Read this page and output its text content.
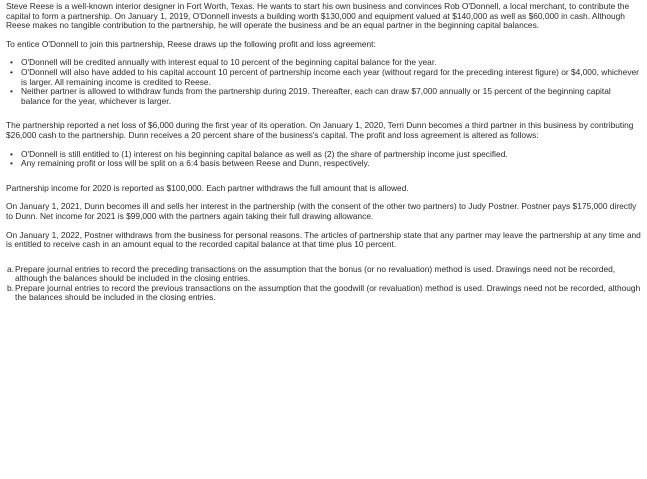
Steve Reese is a well-known interior designer in Fort Worth, Texas. He wants to start his own business and convinces Rob O'Donnell, a local merchant, to contribute the capital to form a partnership. On January 1, 2019, O'Donnell invests a building worth $130,000 and equipment valued at $140,000 as well as $60,000 in cash. Although Reese makes no tangible contribution to the partnership, he will operate the business and be an equal partner in the beginning capital balances.

To entice O'Donnell to join this partnership, Reese draws up the following profit and loss agreement:

• O'Donnell will be credited annually with interest equal to 10 percent of the beginning capital balance for the year.
• O'Donnell will also have added to his capital account 10 percent of partnership income each year (without regard for the preceding interest figure) or $4,000, whichever is larger. All remaining income is credited to Reese.
• Neither partner is allowed to withdraw funds from the partnership during 2019. Thereafter, each can draw $7,000 annually or 15 percent of the beginning capital balance for the year, whichever is larger.

The partnership reported a net loss of $6,000 during the first year of its operation. On January 1, 2020, Terri Dunn becomes a third partner in this business by contributing $26,000 cash to the partnership. Dunn receives a 20 percent share of the business's capital. The profit and loss agreement is altered as follows:

• O'Donnell is still entitled to (1) interest on his beginning capital balance as well as (2) the share of partnership income just specified.
• Any remaining profit or loss will be split on a 6:4 basis between Reese and Dunn, respectively.

Partnership income for 2020 is reported as $100,000. Each partner withdraws the full amount that is allowed.

On January 1, 2021, Dunn becomes ill and sells her interest in the partnership (with the consent of the other two partners) to Judy Postner. Postner pays $175,000 directly to Dunn. Net income for 2021 is $99,000 with the partners again taking their full drawing allowance.

On January 1, 2022, Postner withdraws from the business for personal reasons. The articles of partnership state that any partner may leave the partnership at any time and is entitled to receive cash in an amount equal to the recorded capital balance at that time plus 10 percent.

a. Prepare journal entries to record the preceding transactions on the assumption that the bonus (or no revaluation) method is used. Drawings need not be recorded, although the balances should be included in the closing entries.
b. Prepare journal entries to record the previous transactions on the assumption that the goodwill (or revaluation) method is used. Drawings need not be recorded, although the balances should be included in the closing entries.
